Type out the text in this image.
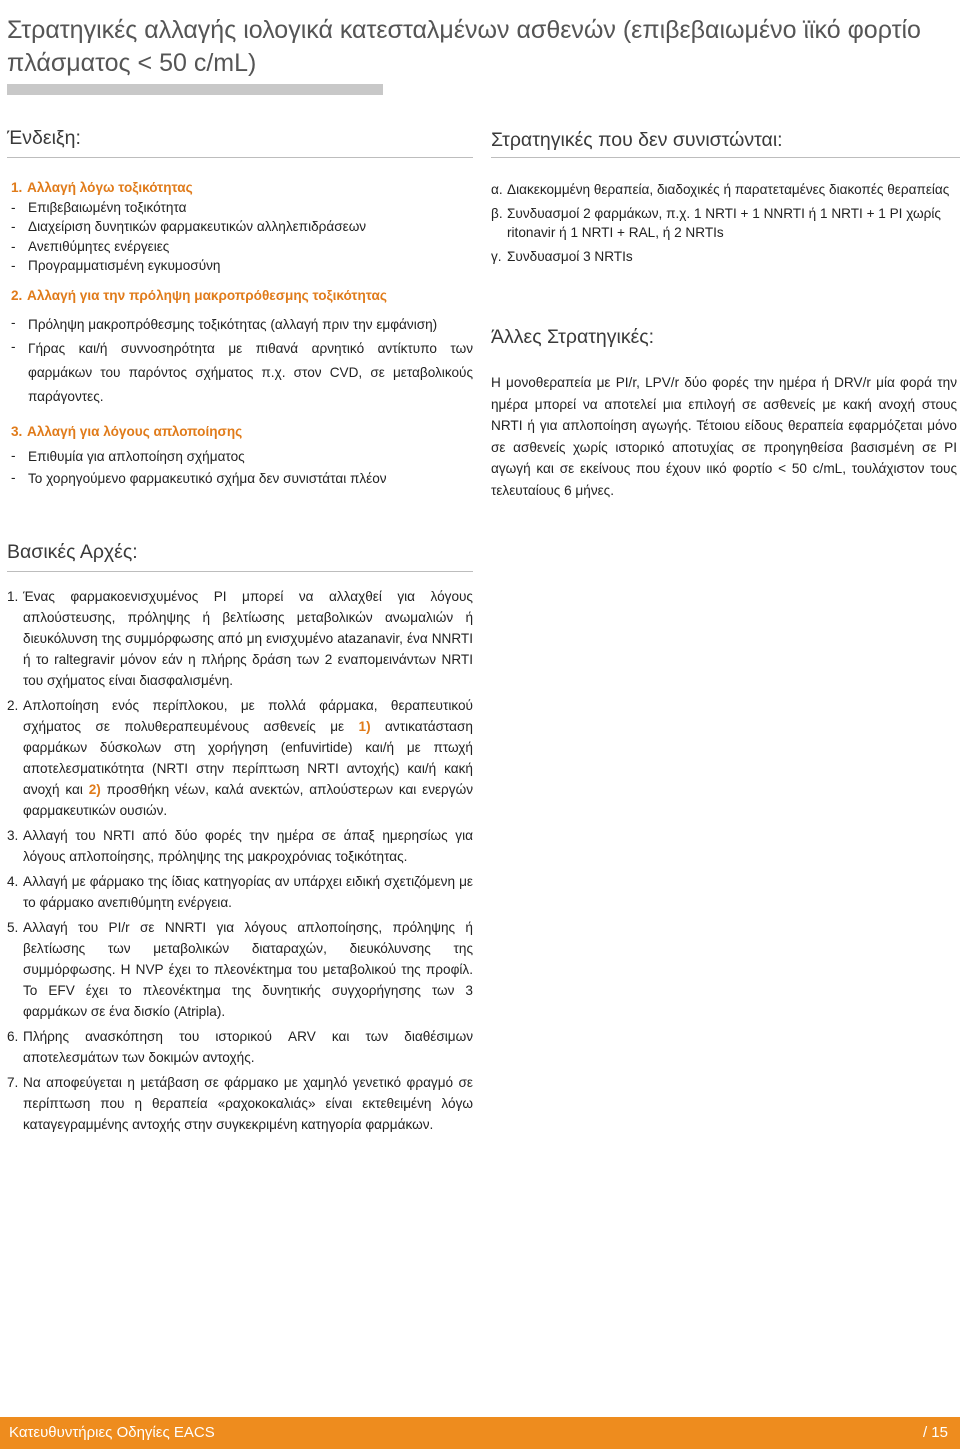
Στρατηγικές αλλαγής ιολογικά κατεσταλμένων ασθενών (επιβεβαιωμένο ϊϊκό φορτίο πλάσματος < 50 c/mL)
Ένδειξη:

1. Αλλαγή λόγω τοξικότητας

- Επιβεβαιωμένη τοξικότητα
- Διαχείριση δυνητικών φαρμακευτικών αλληλεπιδράσεων
- Ανεπιθύμητες ενέργειες
- Προγραμματισμένη εγκυμοσύνη

2. Αλλαγή για την πρόληψη μακροπρόθεσμης τοξικότητας

- Πρόληψη μακροπρόθεσμης τοξικότητας (αλλαγή πριν την εμφάνιση)
- Γήρας και/ή συννοσηρότητα με πιθανά αρνητικό αντίκτυπο των φαρμάκων του παρόντος σχήματος π.χ. στον CVD, σε μεταβολικούς παράγοντες.

3. Αλλαγή για λόγους απλοποίησης

- Επιθυμία για απλοποίηση σχήματος
- Το χορηγούμενο φαρμακευτικό σχήμα δεν συνιστάται πλέον
Στρατηγικές που δεν συνιστώνται:
α. Διακεκομμένη θεραπεία, διαδοχικές ή παρατεταμένες διακοπές θεραπείας
β. Συνδυασμοί 2 φαρμάκων, π.χ. 1 NRTI + 1 NNRTI ή 1 NRTI + 1 PI χωρίς ritonavir ή 1 NRTI + RAL, ή 2 NRTIs
γ. Συνδυασμοί 3 NRTIs
Άλλες Στρατηγικές:
Η μονοθεραπεία με PI/r, LPV/r δύο φορές την ημέρα ή DRV/r μία φορά την ημέρα μπορεί να αποτελεί μια επιλογή σε ασθενείς με κακή ανοχή στους NRTI ή για απλοποίηση αγωγής. Τέτοιου είδους θεραπεία εφαρμόζεται μόνο σε ασθενείς χωρίς ιστορικό αποτυχίας σε προηγηθείσα βασισμένη σε PI αγωγή και σε εκείνους που έχουν ιικό φορτίο < 50 c/mL, τουλάχιστον τους τελευταίους 6 μήνες.
Βασικές Αρχές:
1. Ένας φαρμακοενισχυμένος PI μπορεί να αλλαχθεί για λόγους απλούστευσης, πρόληψης ή βελτίωσης μεταβολικών ανωμαλιών ή διευκόλυνση της συμμόρφωσης από μη ενισχυμένο atazanavir, ένα NNRTI ή το raltegravir μόνον εάν η πλήρης δράση των 2 εναπομεινάντων NRTI του σχήματος είναι διασφαλισμένη.
2. Απλοποίηση ενός περίπλοκου, με πολλά φάρμακα, θεραπευτικού σχήματος σε πολυθεραπευμένους ασθενείς με 1) αντικατάσταση φαρμάκων δύσκολων στη χορήγηση (enfuvirtide) και/ή με πτωχή αποτελεσματικότητα (NRTI στην περίπτωση NRTI αντοχής) και/ή κακή ανοχή και 2) προσθήκη νέων, καλά ανεκτών, απλούστερων και ενεργών φαρμακευτικών ουσιών.
3. Αλλαγή του NRTI από δύο φορές την ημέρα σε άπαξ ημερησίως για λόγους απλοποίησης, πρόληψης της μακροχρόνιας τοξικότητας.
4. Αλλαγή με φάρμακο της ίδιας κατηγορίας αν υπάρχει ειδική σχετιζόμενη με το φάρμακο ανεπιθύμητη ενέργεια.
5. Αλλαγή του PI/r σε NNRTI για λόγους απλοποίησης, πρόληψης ή βελτίωσης των μεταβολικών διαταραχών, διευκόλυνσης της συμμόρφωσης. Η NVP έχει το πλεονέκτημα του μεταβολικού της προφίλ. Το EFV έχει το πλεονέκτημα της δυνητικής συγχορήγησης των 3 φαρμάκων σε ένα δισκίο (Atripla).
6. Πλήρης ανασκόπηση του ιστορικού ARV και των διαθέσιμων αποτελεσμάτων των δοκιμών αντοχής.
7. Να αποφεύγεται η μετάβαση σε φάρμακο με χαμηλό γενετικό φραγμό σε περίπτωση που η θεραπεία «ραχοκοκαλιάς» είναι εκτεθειμένη λόγω καταγεγραμμένης αντοχής στην συγκεκριμένη κατηγορία φαρμάκων.
Κατευθυντήριες Οδηγίες EACS	/ 15
